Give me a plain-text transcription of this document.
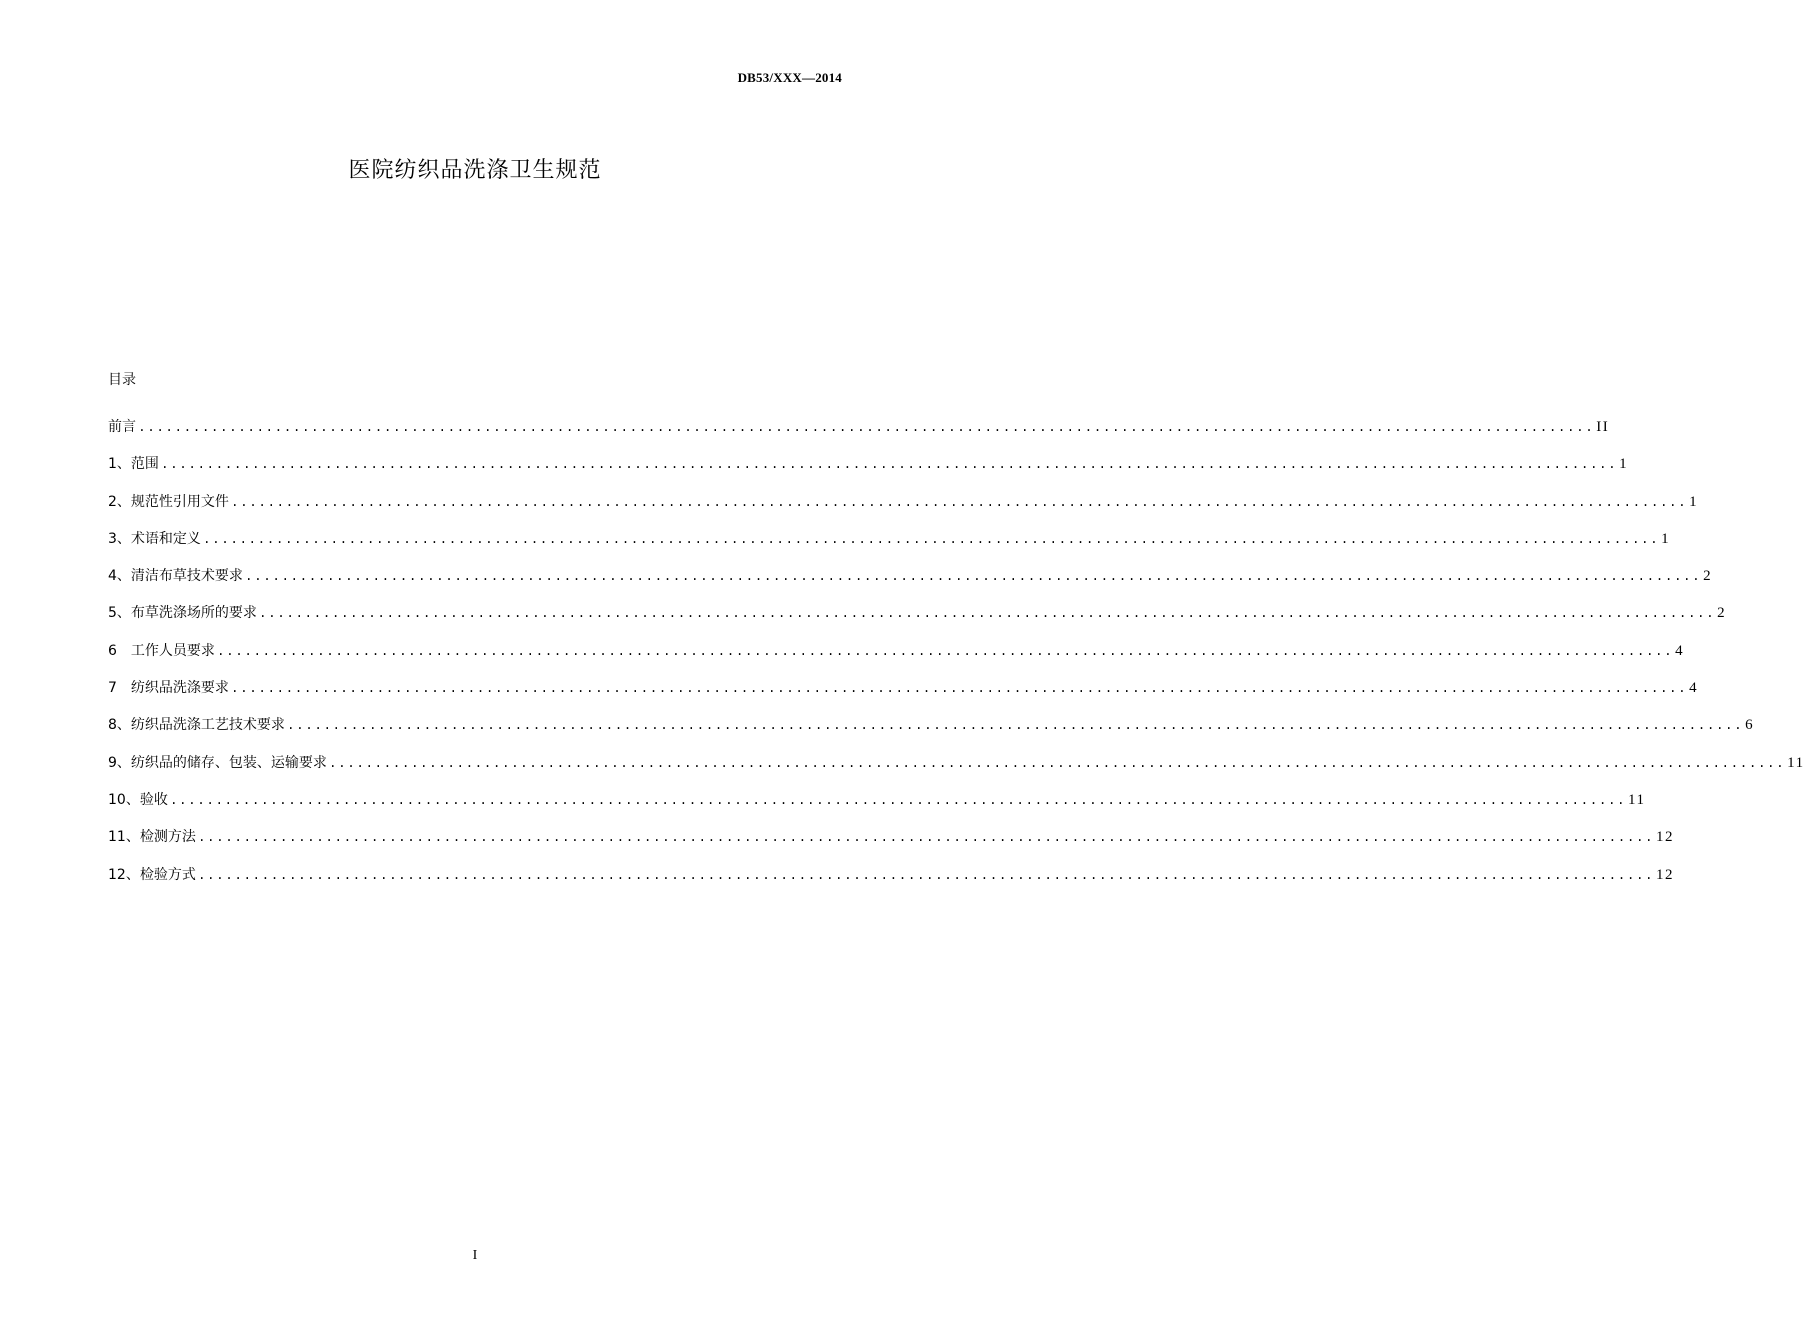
DB53/XXX—2014
医院纺织品洗涤卫生规范
目录
前言 ................................................................................................................................................................ II
1、范围 ................................................................................................................................................................ 1
2、规范性引用文件 ................................................................................................................................................................ 1
3、术语和定义 ................................................................................................................................................................ 1
4、清洁布草技术要求 ................................................................................................................................................................ 2
5、布草洗涤场所的要求 ................................................................................................................................................................ 2
6 工作人员要求 ................................................................................................................................................................ 4
7 纺织品洗涤要求 ................................................................................................................................................................ 4
8、纺织品洗涤工艺技术要求 ................................................................................................................................................................ 6
9、纺织品的储存、包装、运输要求 ................................................................................................................................................................ 11
10、验收 ................................................................................................................................................................ 11
11、检测方法 ................................................................................................................................................................ 12
12、检验方式 ................................................................................................................................................................ 12
I
